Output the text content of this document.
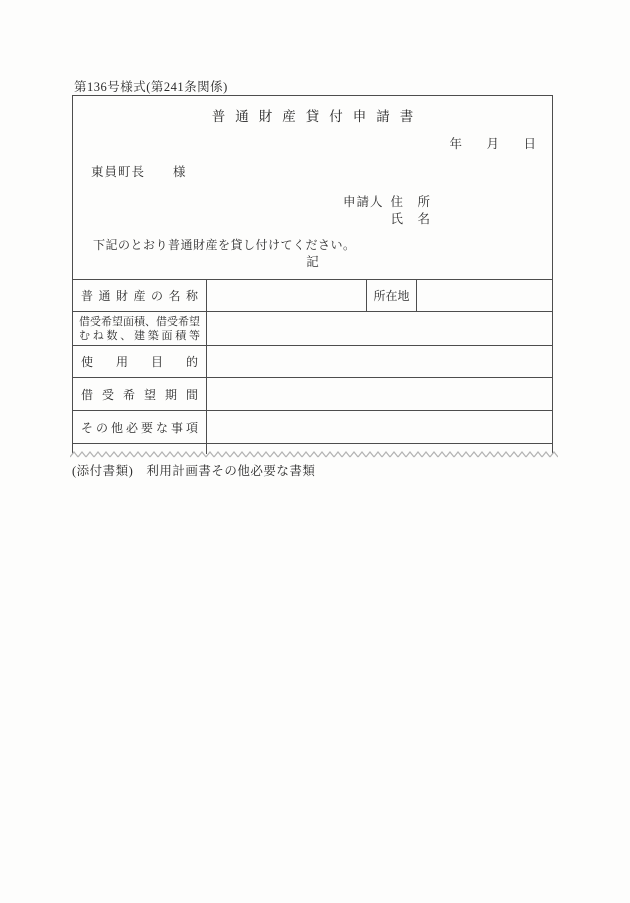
第136号様式(第241条関係)
普通財産貸付申請書
年　月　日
東員町長 様
申請人 住　所
氏　名
下記のとおり普通財産を貸し付けてください。
記
普通財産の名称	所在地
借受希望面積、借受希望
むね数、建築面積等
使用目的
借受希望期間
その他必要な事項
(添付書類)　利用計画書その他必要な書類
